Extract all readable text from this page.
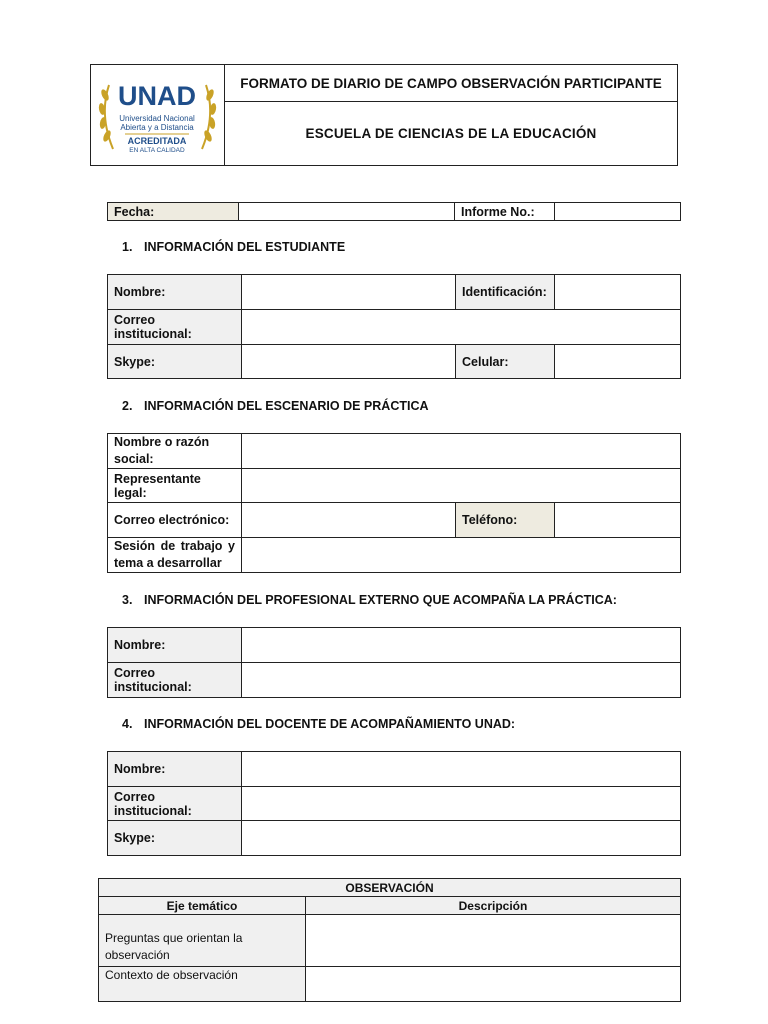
UNAD
Universidad Nacional
Abierta y a Distancia
ACREDITADA
EN ALTA CALIDAD
FORMATO DE DIARIO DE CAMPO OBSERVACIÓN PARTICIPANTE
ESCUELA DE CIENCIAS DE LA EDUCACIÓN
Fecha:		Informe No.:	
1. INFORMACIÓN DEL ESTUDIANTE
Nombre:		Identificación:	
Correo institucional:			
Skype:		Celular:	
2. INFORMACIÓN DEL ESCENARIO DE PRÁCTICA
Nombre o razón
social:			
Representante legal:			
Correo electrónico:		Teléfono:	

Sesión de trabajo y
tema a desarrollar			
3. INFORMACIÓN DEL PROFESIONAL EXTERNO QUE ACOMPAÑA LA PRÁCTICA:
Nombre:	
Correo institucional:	
4. INFORMACIÓN DEL DOCENTE DE ACOMPAÑAMIENTO UNAD:
Nombre:	
Correo institucional:	
Skype:	
OBSERVACIÓN	
Eje temático	Descripción
Preguntas que orientan la
observación	
Contexto de observación	
